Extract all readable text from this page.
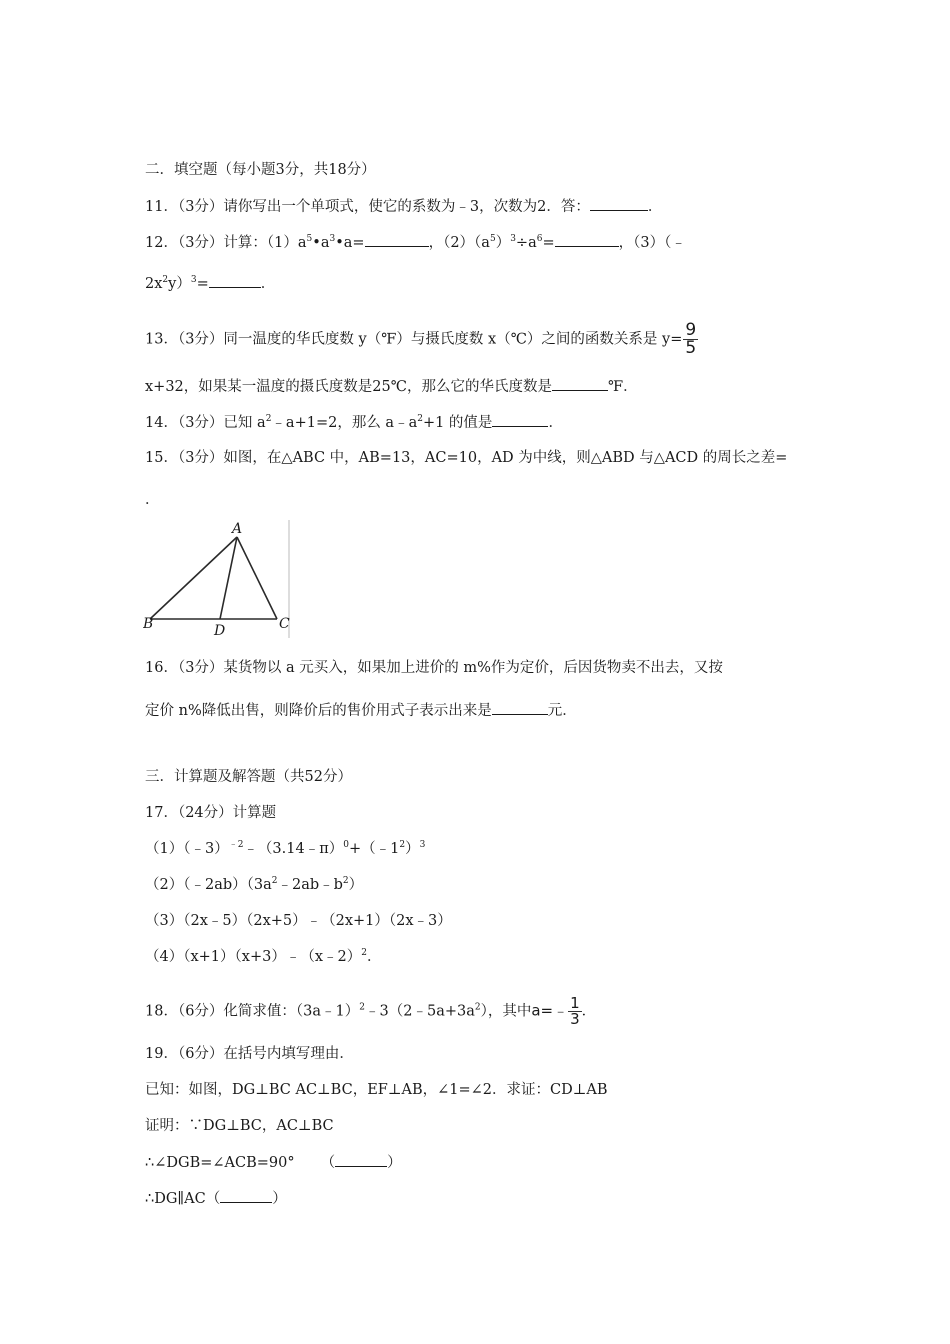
二．填空题（每小题3分，共18分）
11．（3分）请你写出一个单项式，使它的系数为﹣3，次数为2．答：	．
12．（3分）计算：$(1)a^5•a^3•a=$	，$(2)(a^5)^3\div a^6=$	，（3）（﹣
$2x^2y)^3=$	．
13．（3分）同一温度的华氏度数 y（℉）与摄氏度数 x（℃）之间的函数关系是 $y= \frac{9}{5}$
x+32，如果某一温度的摄氏度数是25℃，那么它的华氏度数是	℉．
14．（3分）已知 $a^2﹣a+1=2$，那么 $a﹣a^2+1$ 的值是	．
15．（3分）如图，在△ABC 中，AB=13，AC=10，AD 为中线，则△ABD 与△ACD 的周长之差=
．
A
B	C
D
16．（3分）某货物以 a 元买入，如果加上进价的 m%作为定价，后因货物卖不出去，又按
定价 n%降低出售，则降价后的售价用式子表示出来是	元．
三．计算题及解答题（共52分）
17．（24分）计算题
$(1)(﹣3)^{﹣2}﹣(3.14﹣\pi)^0+(﹣1^2)^3$
$(2)(﹣2ab)(3a^2﹣2ab﹣b^2)$
（3）（2x﹣5）（2x+5）﹣（2x+1）（2x﹣3）
（4）（x+1）（x+3）﹣（x﹣2）$^2$．
18．（6分）化简求值：$(3a﹣1)^2﹣3(2﹣5a+3a^2)$，其中a=﹣ $\frac{1}{3}$ ．
19．（6分）在括号内填写理由．
已知：如图，DG⊥BC AC⊥BC，EF⊥AB，∠1=∠2．求证：CD⊥AB
证明：∵DG⊥BC，AC⊥BC
∴∠DGB=∠ACB=90° （	）
∴DG∥AC（	）
